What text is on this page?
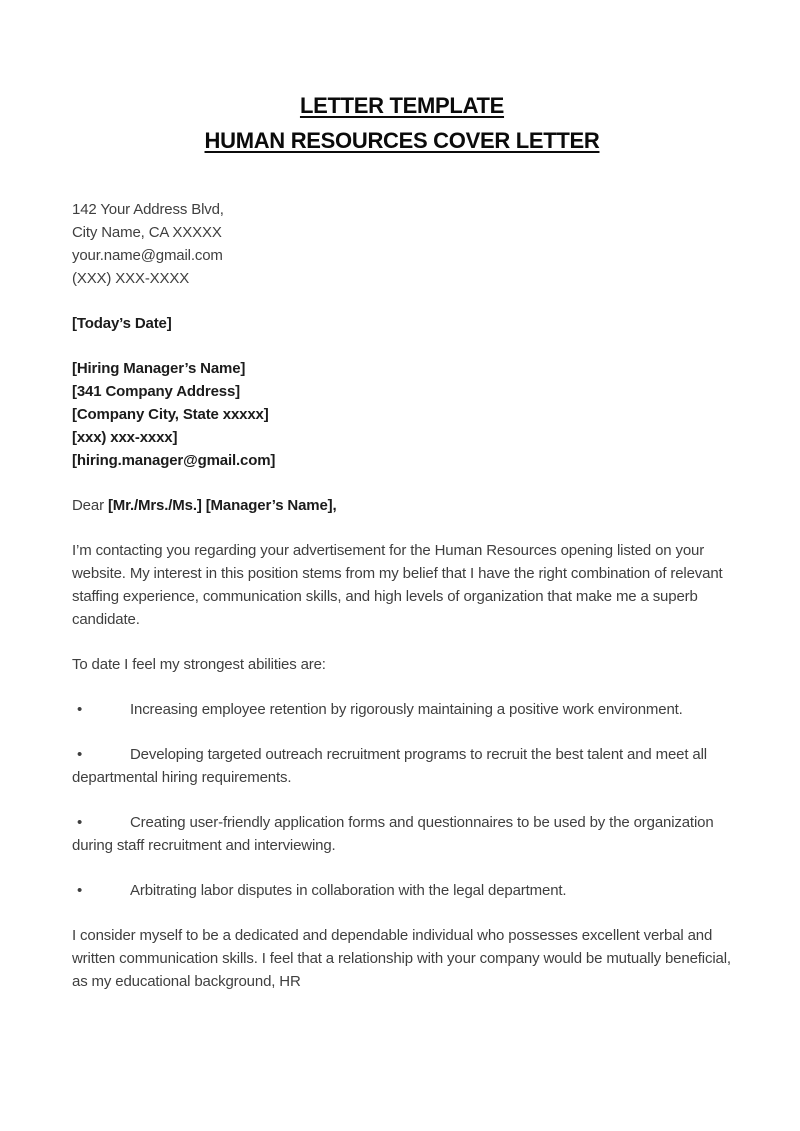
LETTER TEMPLATE
HUMAN RESOURCES COVER LETTER
142 Your Address Blvd,
City Name, CA XXXXX
your.name@gmail.com
(XXX) XXX-XXXX
[Today’s Date]
[Hiring Manager’s Name]
[341 Company Address]
[Company City, State xxxxx]
[xxx) xxx-xxxx]
[hiring.manager@gmail.com]

Dear [Mr./Mrs./Ms.] [Manager’s Name],

I’m contacting you regarding your advertisement for the Human Resources opening listed on your website. My interest in this position stems from my belief that I have the right combination of relevant staffing experience, communication skills, and high levels of organization that make me a superb candidate.

To date I feel my strongest abilities are:

•	Increasing employee retention by rigorously maintaining a positive work environment.

•	Developing targeted outreach recruitment programs to recruit the best talent and meet all departmental hiring requirements.

•	Creating user-friendly application forms and questionnaires to be used by the organization during staff recruitment and interviewing.

•	Arbitrating labor disputes in collaboration with the legal department.

I consider myself to be a dedicated and dependable individual who possesses excellent verbal and written communication skills. I feel that a relationship with your company would be mutually beneficial, as my educational background, HR
